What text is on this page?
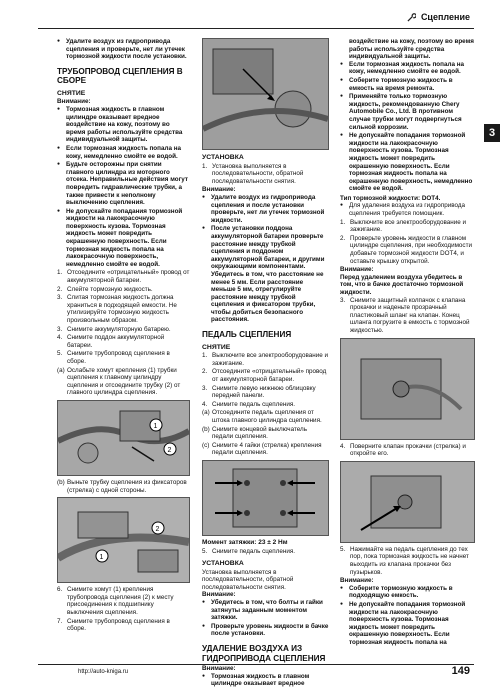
Сцепление
3
● Удалите воздух из гидропривода сцепления и проверьте, нет ли утечек тормозной жидкости после установки.
ТРУБОПРОВОД СЦЕПЛЕНИЯ В СБОРЕ
СНЯТИЕ
Внимание:
● Тормозная жидкость в главном цилиндре оказывает вредное воздействие на кожу, поэтому во время работы используйте средства индивидуальной защиты.
● Если тормозная жидкость попала на кожу, немедленно смойте ее водой.
● Будьте осторожны при снятии главного цилиндра из моторного отсека. Неправильные действия могут повредить гидравлические трубки, а также привести к неполному выключению сцепления.
● Не допускайте попадания тормозной жидкости на лакокрасочную поверхность кузова. Тормозная жидкость может повредить окрашенную поверхность. Если тормозная жидкость попала на лакокрасочную поверхность, немедленно смойте ее водой.
1. Отсоедините «отрицательный» провод от аккумуляторной батареи.
2. Слейте тормозную жидкость.
3. Слитая тормозная жидкость должна храниться в подходящей емкости. Не утилизируйте тормозную жидкость произвольным образом.
3. Снимите аккумуляторную батарею.
4. Снимите поддон аккумуляторной батареи.
5. Снимите трубопровод сцепления в сборе.
(a) Ослабьте хомут крепления (1) трубки сцепления к главному цилиндру сцепления и отсоедините трубку (2) от главного цилиндра сцепления.
1
2
(b) Выньте трубку сцепления из фиксаторов (стрелка) с одной стороны.
1
2
6. Снимите хомут (1) крепления трубопровода сцепления (2) к месту присоединения к подшипнику выключения сцепления.
7. Снимите трубопровод сцепления в сборе.
УСТАНОВКА
1. Установка выполняется в последовательности, обратной последовательности снятия.
Внимание:
● Удалите воздух из гидропривода сцепления и после установки проверьте, нет ли утечек тормозной жидкости.
● После установки поддона аккумуляторной батареи проверьте расстояние между трубкой сцепления и поддоном аккумуляторной батареи, и другими окружающими компонентами. Убедитесь в том, что расстояние не менее 5 мм. Если расстояние меньше 5 мм, отрегулируйте расстояние между трубкой сцепления и фиксатором трубки, чтобы добиться безопасного расстояния.
ПЕДАЛЬ СЦЕПЛЕНИЯ
СНЯТИЕ
1. Выключите все электрооборудование и зажигание.
2. Отсоедините «отрицательный» провод от аккумуляторной батареи.
3. Снимите левую нижнюю облицовку передней панели.
4. Снимите педаль сцепления.
(a) Отсоедините педаль сцепления от штока главного цилиндра сцепления.
(b) Снимите концевой выключатель педали сцепления.
(c) Снимите 4 гайки (стрелка) крепления педали сцепления.
Момент затяжки: 23 ± 2 Нм
5. Снимите педаль сцепления.
УСТАНОВКА
Установка выполняется в последовательности, обратной последовательности снятия.
Внимание:
● Убедитесь в том, что болты и гайки затянуты заданным моментом затяжки.
● Проверьте уровень жидкости в бачке после установки.
УДАЛЕНИЕ ВОЗДУХА ИЗ ГИДРОПРИВОДА СЦЕПЛЕНИЯ
Внимание:
● Тормозная жидкость в главном цилиндре оказывает вредное
воздействие на кожу, поэтому во время работы используйте средства индивидуальной защиты.
● Если тормозная жидкость попала на кожу, немедленно смойте ее водой.
● Соберите тормозную жидкость в емкость на время ремонта.
● Применяйте только тормозную жидкость, рекомендованную Chery Automobile Co., Ltd. В противном случае трубки могут подвергнуться сильной коррозии.
● Не допускайте попадания тормозной жидкости на лакокрасочную поверхность кузова. Тормозная жидкость может повредить окрашенную поверхность. Если тормозная жидкость попала на окрашенную поверхность, немедленно смойте ее водой.
Тип тормозной жидкости: DOT4.
● Для удаления воздуха из гидропривода сцепления требуется помощник.
1. Выключите все электрооборудование и зажигание.
2. Проверьте уровень жидкости в главном цилиндре сцепления, при необходимости добавьте тормозной жидкости DOT4, и оставьте крышку открытой.
Внимание:
Перед удалением воздуха убедитесь в том, что в бачке достаточно тормозной жидкости.
3. Снимите защитный колпачок с клапана прокачки и наденьте прозрачный пластиковый шланг на клапан. Конец шланга погрузите в емкость с тормозной жидкостью.
4. Поверните клапан прокачки (стрелка) и откройте его.
5. Нажимайте на педаль сцепления до тех пор, пока тормозная жидкость не начнет выходить из клапана прокачки без пузырьков.
Внимание:
● Соберите тормозную жидкость в подходящую емкость.
● Не допускайте попадания тормозной жидкости на лакокрасочную поверхность кузова. Тормозная жидкость может повредить окрашенную поверхность. Если тормозная жидкость попала на
http://auto-kniga.ru	149
